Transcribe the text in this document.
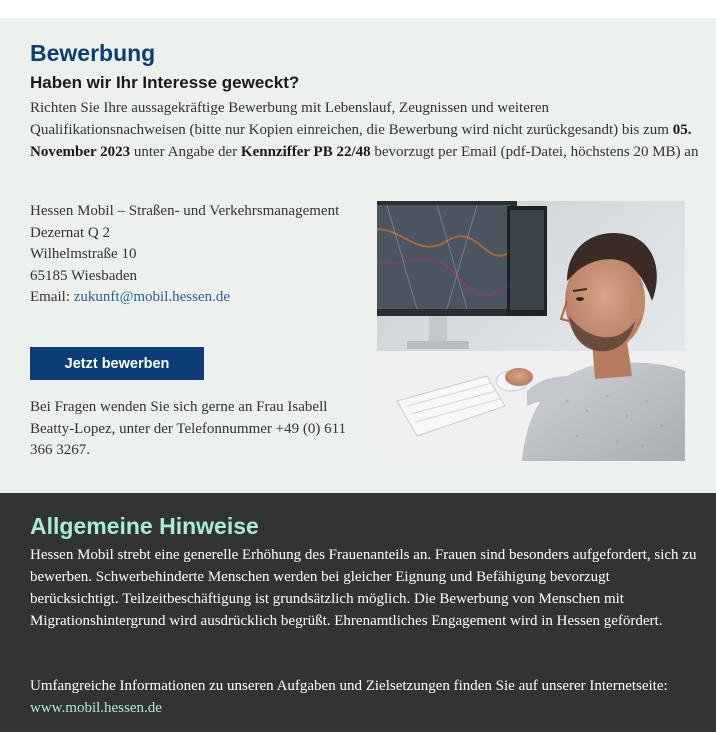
Bewerbung
Haben wir Ihr Interesse geweckt?

Richten Sie Ihre aussagekräftige Bewerbung mit Lebenslauf, Zeugnissen und weiteren Qualifikationsnachweisen (bitte nur Kopien einreichen, die Bewerbung wird nicht zurückgesandt) bis zum 05. November 2023 unter Angabe der Kennziffer PB 22/48 bevorzugt per Email (pdf-Datei, höchstens 20 MB) an

Hessen Mobil – Straßen- und Verkehrsmanagement
Dezernat Q 2
Wilhelmstraße 10
65185 Wiesbaden
Email: zukunft@mobil.hessen.de
Jetzt bewerben

Bei Fragen wenden Sie sich gerne an Frau Isabell Beatty-Lopez, unter der Telefonnummer +49 (0) 611 366 3267.

Allgemeine Hinweise

Hessen Mobil strebt eine generelle Erhöhung des Frauenanteils an. Frauen sind besonders aufgefordert, sich zu bewerben. Schwerbehinderte Menschen werden bei gleicher Eignung und Befähigung bevorzugt berücksichtigt. Teilzeitbeschäftigung ist grundsätzlich möglich. Die Bewerbung von Menschen mit Migrationshintergrund wird ausdrücklich begrüßt. Ehrenamtliches Engagement wird in Hessen gefördert.

Umfangreiche Informationen zu unseren Aufgaben und Zielsetzungen finden Sie auf unserer Internetseite: www.mobil.hessen.de
